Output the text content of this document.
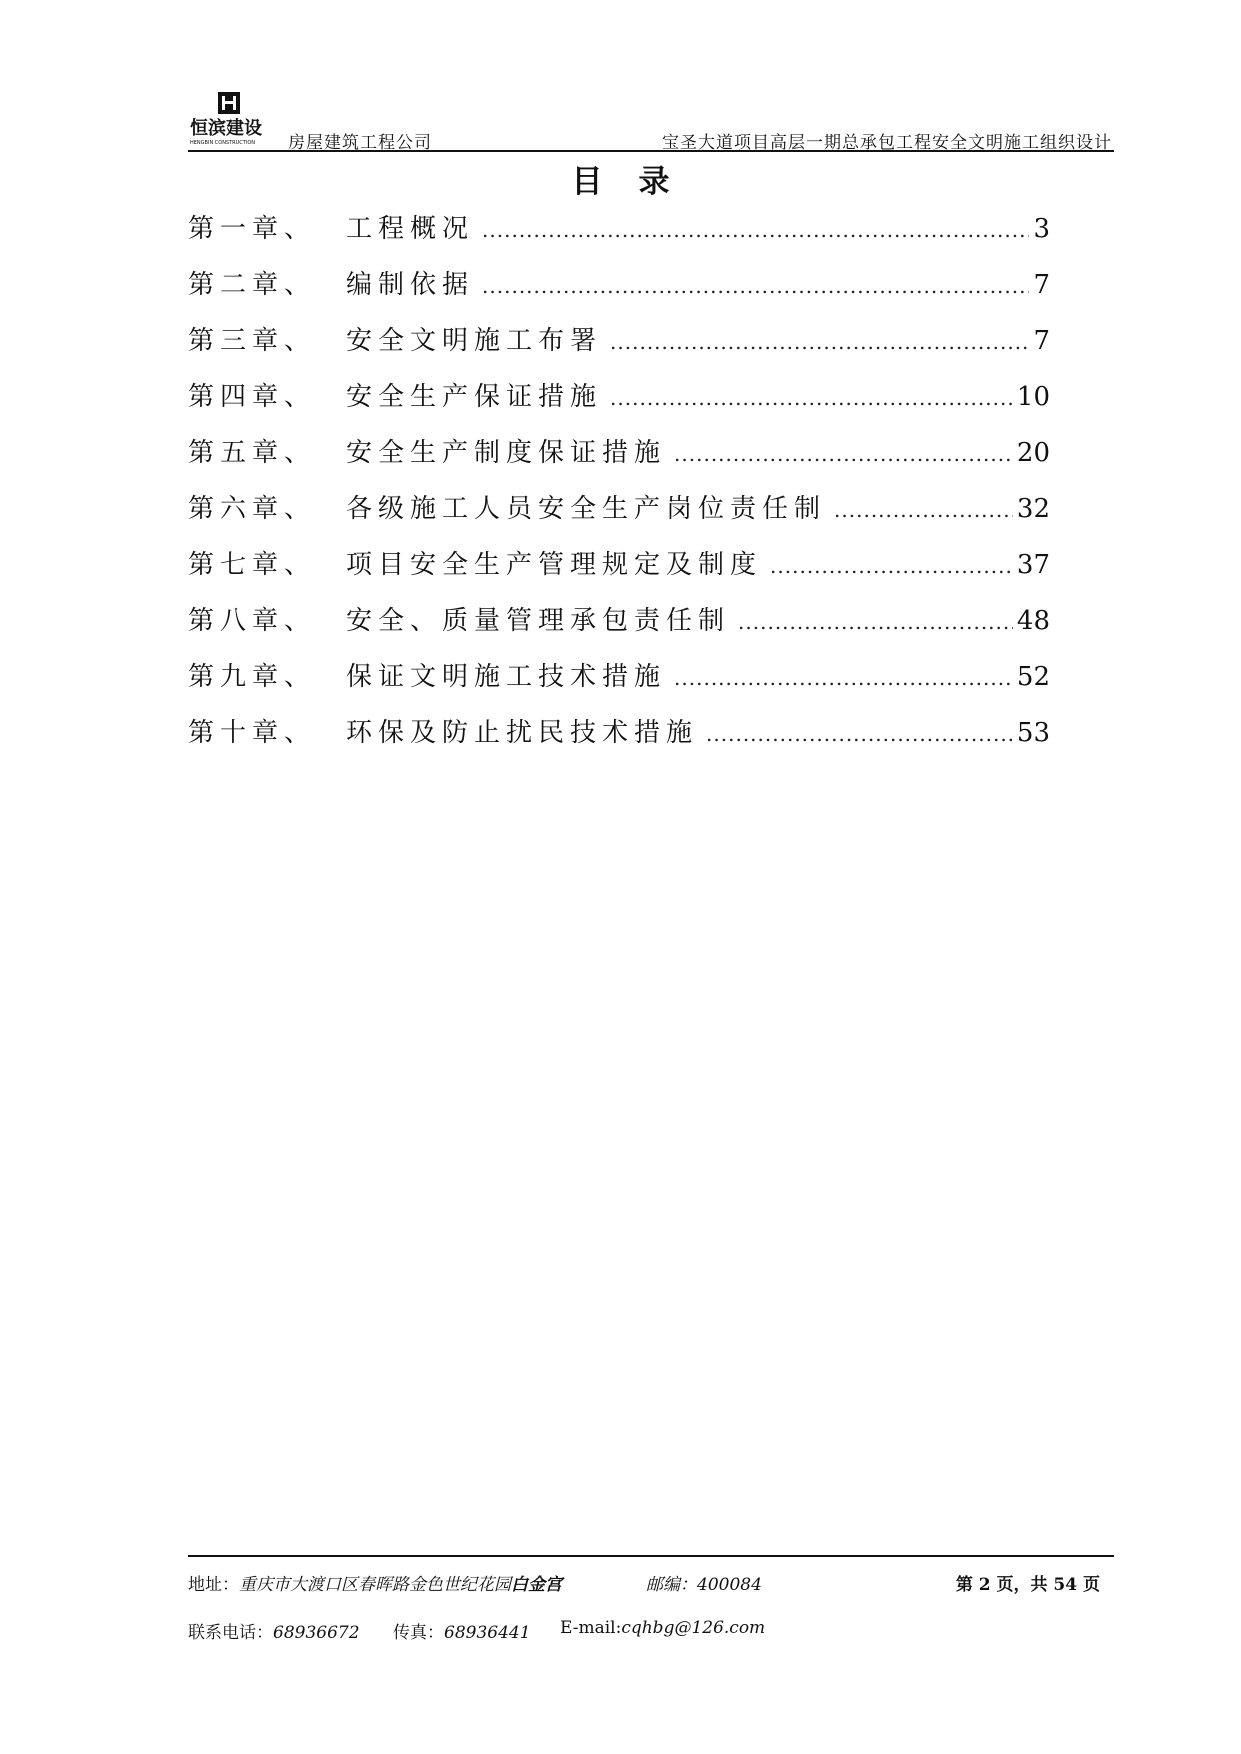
恒滨建设
HENGBIN CONSTRUCTION 房屋建筑工程公司	宝圣大道项目高层一期总承包工程安全文明施工组织设计
目录
第一章、 工程概况 .....	3
第二章、 编制依据 .....	7
第三章、 安全文明施工布署 .....	7
第四章、 安全生产保证措施 .....	10
第五章、 安全生产制度保证措施 .....	20
第六章、 各级施工人员安全生产岗位责任制 .....	32
第七章、 项目安全生产管理规定及制度 .....	37
第八章、 安全、质量管理承包责任制 .....	48
第九章、 保证文明施工技术措施 .....	52
第十章、 环保及防止扰民技术措施 .....	53
地址：重庆市大渡口区春晖路金色世纪花园白金宫	邮编：400084	第 2 页，共 54 页
联系电话：68936672 传真：68936441 E-mail:cqhbg@126.com
